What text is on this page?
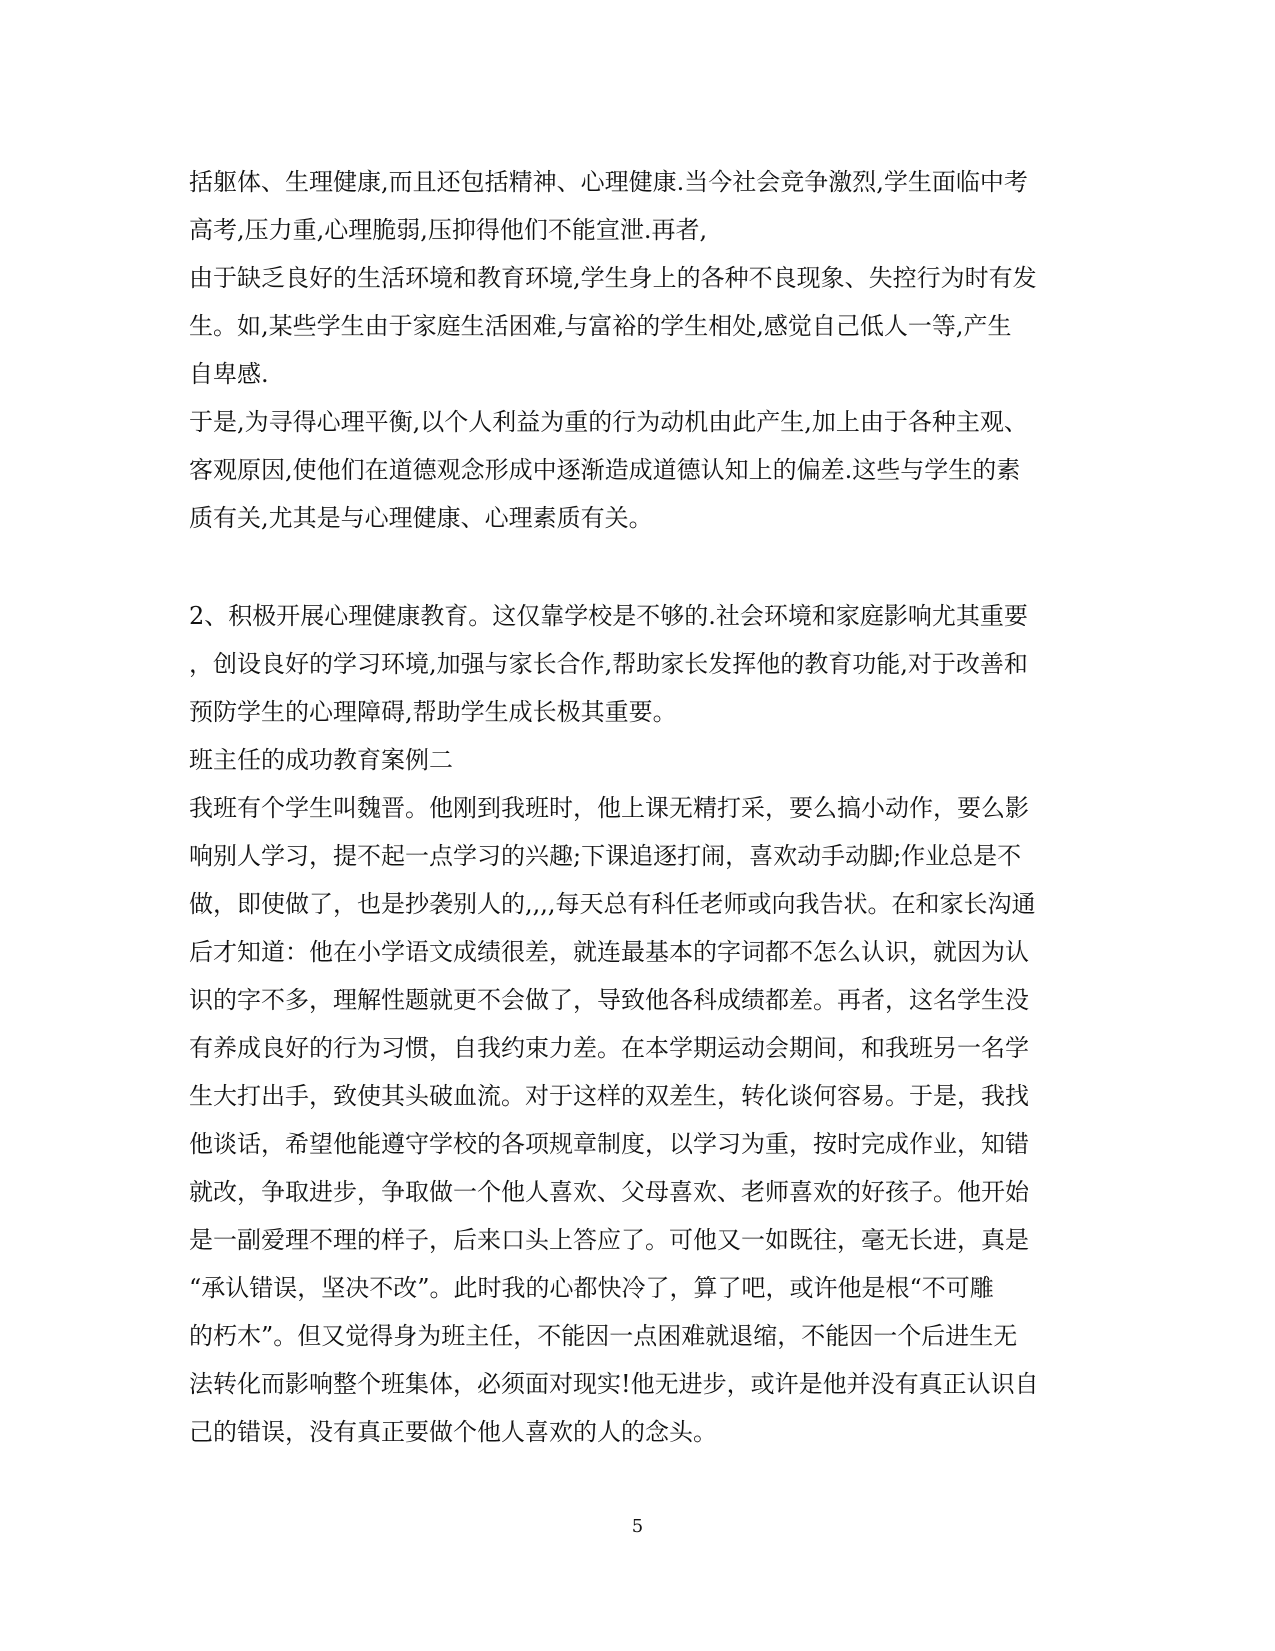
括躯体、生理健康,而且还包括精神、心理健康.当今社会竞争激烈,学生面临中考
高考,压力重,心理脆弱,压抑得他们不能宣泄.再者,
由于缺乏良好的生活环境和教育环境,学生身上的各种不良现象、失控行为时有发
生。如,某些学生由于家庭生活困难,与富裕的学生相处,感觉自己低人一等,产生
自卑感.
于是,为寻得心理平衡,以个人利益为重的行为动机由此产生,加上由于各种主观、
客观原因,使他们在道德观念形成中逐渐造成道德认知上的偏差.这些与学生的素
质有关,尤其是与心理健康、心理素质有关。
2、积极开展心理健康教育。这仅靠学校是不够的.社会环境和家庭影响尤其重要
，创设良好的学习环境,加强与家长合作,帮助家长发挥他的教育功能,对于改善和
预防学生的心理障碍,帮助学生成长极其重要。
班主任的成功教育案例二
我班有个学生叫魏晋。他刚到我班时，他上课无精打采，要么搞小动作，要么影
响别人学习，提不起一点学习的兴趣;下课追逐打闹，喜欢动手动脚;作业总是不
做，即使做了，也是抄袭别人的,,,,每天总有科任老师或向我告状。在和家长沟通
后才知道：他在小学语文成绩很差，就连最基本的字词都不怎么认识，就因为认
识的字不多，理解性题就更不会做了，导致他各科成绩都差。再者，这名学生没
有养成良好的行为习惯，自我约束力差。在本学期运动会期间，和我班另一名学
生大打出手，致使其头破血流。对于这样的双差生，转化谈何容易。于是，我找
他谈话，希望他能遵守学校的各项规章制度，以学习为重，按时完成作业，知错
就改，争取进步，争取做一个他人喜欢、父母喜欢、老师喜欢的好孩子。他开始
是一副爱理不理的样子，后来口头上答应了。可他又一如既往，毫无长进，真是
“承认错误，坚决不改”。此时我的心都快冷了，算了吧，或许他是根“不可雕
的朽木”。但又觉得身为班主任，不能因一点困难就退缩，不能因一个后进生无
法转化而影响整个班集体，必须面对现实!他无进步，或许是他并没有真正认识自
己的错误，没有真正要做个他人喜欢的人的念头。
5
